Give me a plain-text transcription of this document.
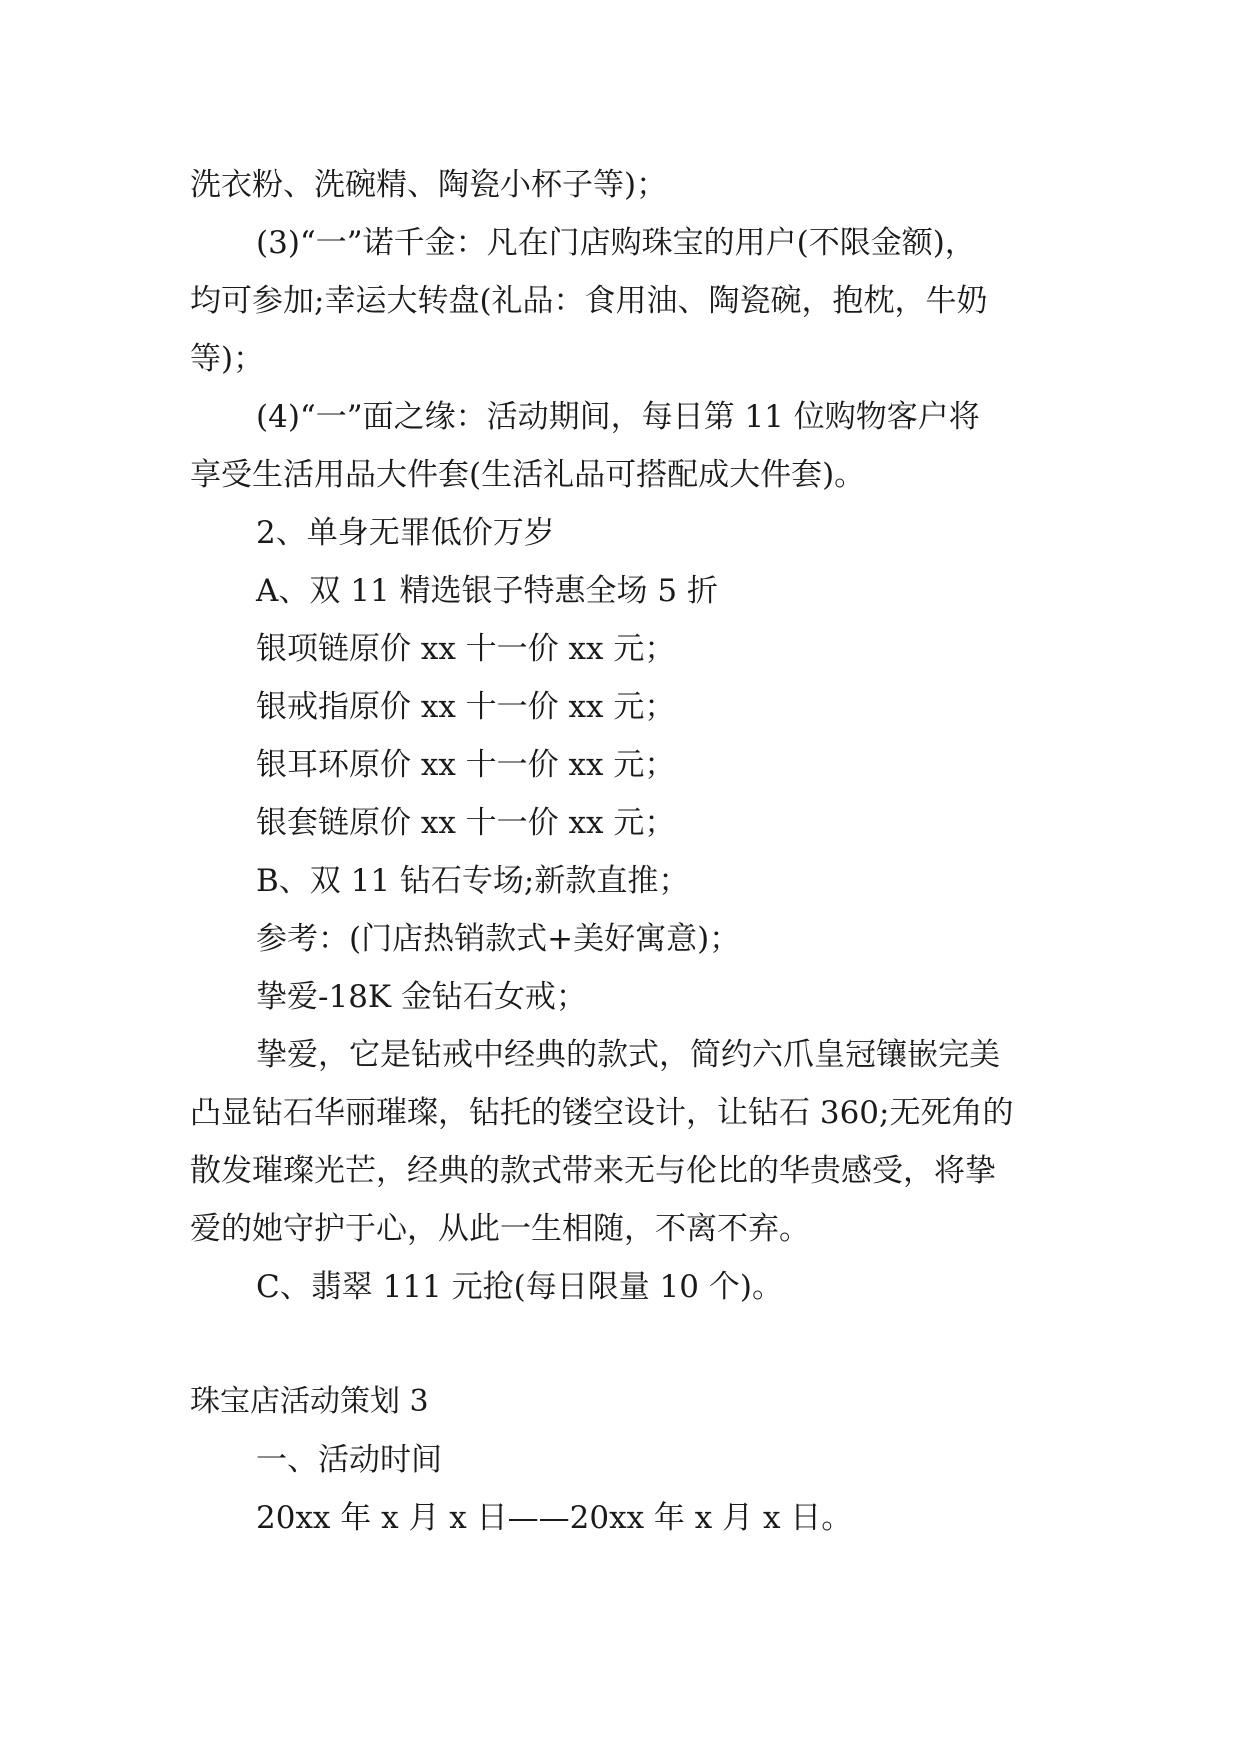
洗衣粉、洗碗精、陶瓷小杯子等)；
(3)“一”诺千金：凡在门店购珠宝的用户(不限金额)，
均可参加;幸运大转盘(礼品：食用油、陶瓷碗，抱枕，牛奶
等)；
(4)“一”面之缘：活动期间，每日第 11 位购物客户将
享受生活用品大件套(生活礼品可搭配成大件套)。
2、单身无罪低价万岁
A、双 11 精选银子特惠全场 5 折
银项链原价 xx 十一价 xx 元；
银戒指原价 xx 十一价 xx 元；
银耳环原价 xx 十一价 xx 元；
银套链原价 xx 十一价 xx 元；
B、双 11 钻石专场;新款直推；
参考：(门店热销款式+美好寓意)；
挚爱-18K 金钻石女戒；
挚爱，它是钻戒中经典的款式，简约六爪皇冠镶嵌完美
凸显钻石华丽璀璨，钻托的镂空设计，让钻石 360;无死角的
散发璀璨光芒，经典的款式带来无与伦比的华贵感受，将挚
爱的她守护于心，从此一生相随，不离不弃。
C、翡翠 111 元抢(每日限量 10 个)。
珠宝店活动策划 3
一、活动时间
20xx 年 x 月 x 日——20xx 年 x 月 x 日。
